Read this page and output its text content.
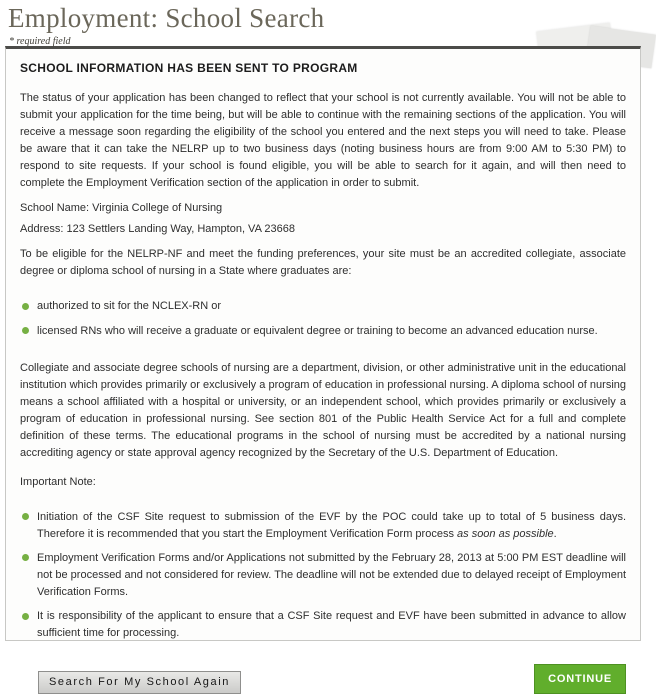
Employment: School Search
* required field
SCHOOL INFORMATION HAS BEEN SENT TO PROGRAM

The status of your application has been changed to reflect that your school is not currently available. You will not be able to submit your application for the time being, but will be able to continue with the remaining sections of the application. You will receive a message soon regarding the eligibility of the school you entered and the next steps you will need to take. Please be aware that it can take the NELRP up to two business days (noting business hours are from 9:00 AM to 5:30 PM) to respond to site requests. If your school is found eligible, you will be able to search for it again, and will then need to complete the Employment Verification section of the application in order to submit.

School Name: Virginia College of Nursing

Address: 123 Settlers Landing Way, Hampton, VA 23668

To be eligible for the NELRP-NF and meet the funding preferences, your site must be an accredited collegiate, associate degree or diploma school of nursing in a State where graduates are:

authorized to sit for the NCLEX-RN or
licensed RNs who will receive a graduate or equivalent degree or training to become an advanced education nurse.

Collegiate and associate degree schools of nursing are a department, division, or other administrative unit in the educational institution which provides primarily or exclusively a program of education in professional nursing. A diploma school of nursing means a school affiliated with a hospital or university, or an independent school, which provides primarily or exclusively a program of education in professional nursing. See section 801 of the Public Health Service Act for a full and complete definition of these terms. The educational programs in the school of nursing must be accredited by a national nursing accrediting agency or state approval agency recognized by the Secretary of the U.S. Department of Education.

Important Note:

Initiation of the CSF Site request to submission of the EVF by the POC could take up to total of 5 business days. Therefore it is recommended that you start the Employment Verification Form process as soon as possible.
Employment Verification Forms and/or Applications not submitted by the February 28, 2013 at 5:00 PM EST deadline will not be processed and not considered for review. The deadline will not be extended due to delayed receipt of Employment Verification Forms.
It is responsibility of the applicant to ensure that a CSF Site request and EVF have been submitted in advance to allow sufficient time for processing.
Search For My School Again	CONTINUE
